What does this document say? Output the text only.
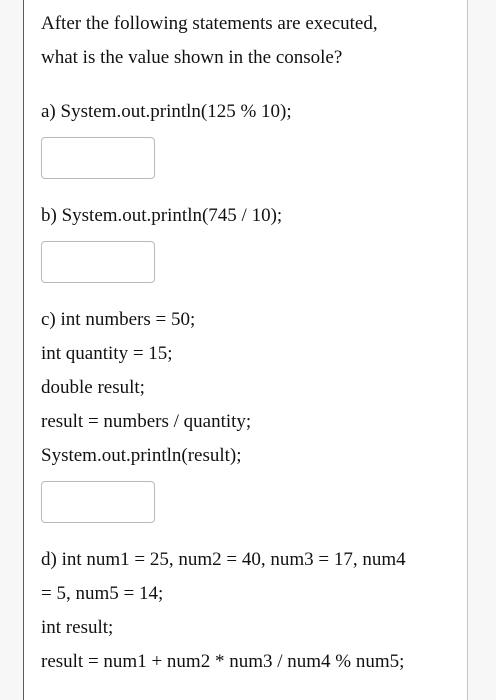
After the following statements are executed,
what is the value shown in the console?
a) System.out.println(125 % 10);
b) System.out.println(745 / 10);
c) int numbers = 50;
int quantity = 15;
double result;
result = numbers / quantity;
System.out.println(result);
d) int num1 = 25, num2 = 40, num3 = 17, num4
= 5, num5 = 14;
int result;
result = num1 + num2 * num3 / num4 % num5;
